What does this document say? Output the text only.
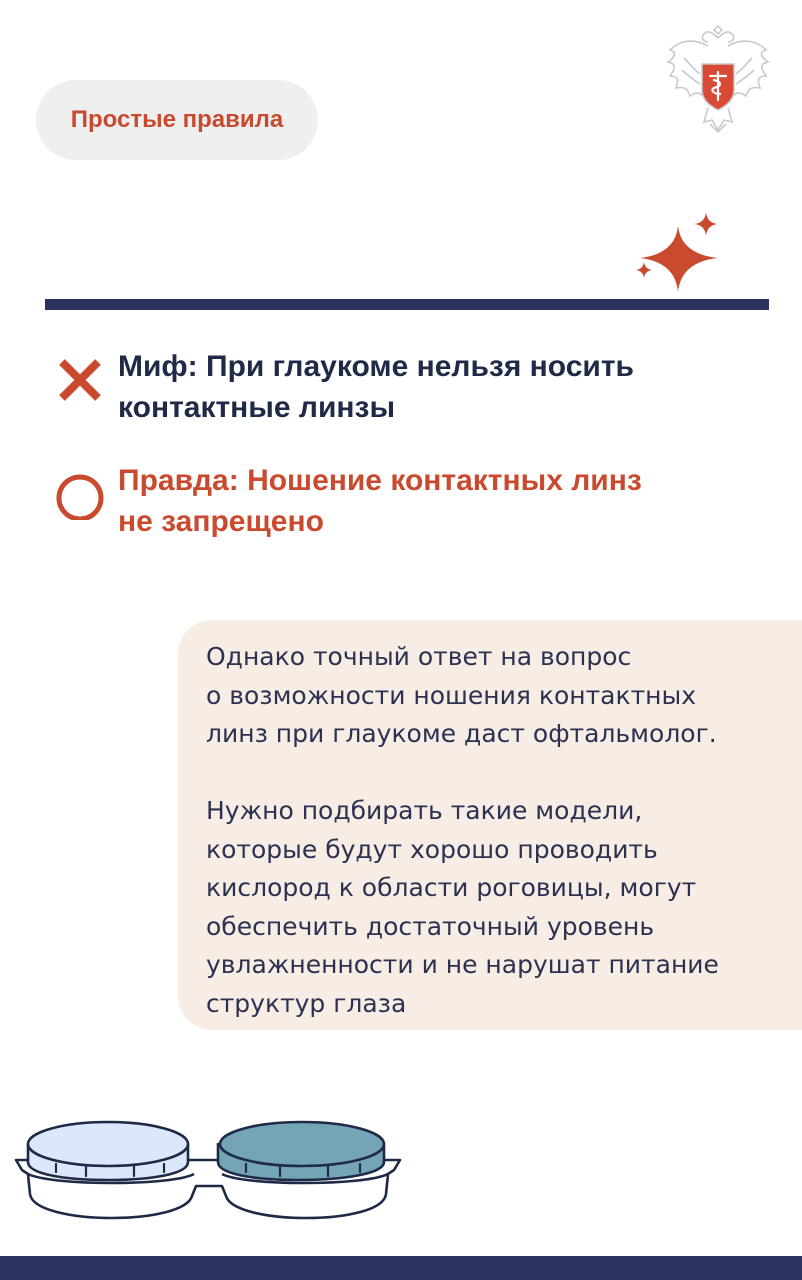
Простые правила
Миф: При глаукоме нельзя носить
контактные линзы
Правда: Ношение контактных линз
не запрещено
Однако точный ответ на вопрос
о возможности ношения контактных
линз при глаукоме даст офтальмолог.
Нужно подбирать такие модели,
которые будут хорошо проводить
кислород к области роговицы, могут
обеспечить достаточный уровень
увлажненности и не нарушат питание
структур глаза
